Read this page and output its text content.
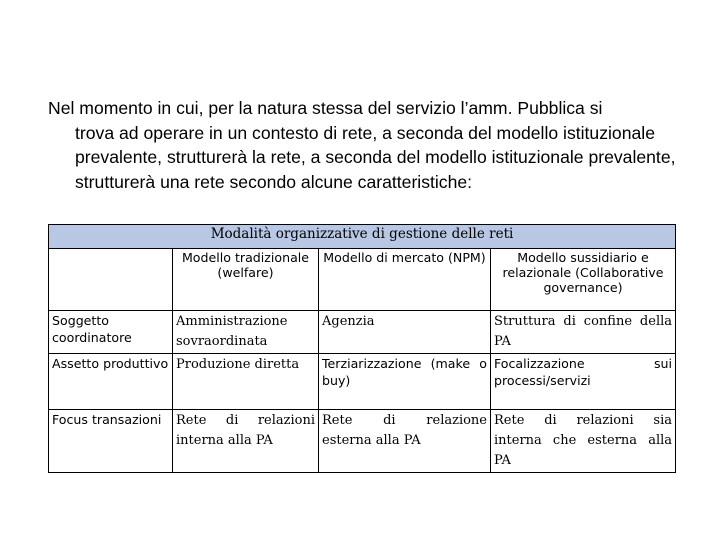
Nel momento in cui, per la natura stessa del servizio l’amm. Pubblica si
trova ad operare in un contesto di rete, a seconda del modello istituzionale prevalente, strutturerà la rete, a seconda del modello istituzionale prevalente, strutturerà una rete secondo alcune caratteristiche:
Modalità organizzative di gestione delle reti			
	Modello tradizionale (welfare)	Modello di mercato (NPM)	Modello sussidiario e relazionale (Collaborative governance)
Soggetto coordinatore	Amministrazione sovraordinata	Agenzia	Struttura di confine della PA
Assetto produttivo	Produzione diretta	Terziarizzazione (make o buy)	Focalizzazione sui processi/servizi
Focus transazioni	Rete di relazioni interna alla PA	Rete di relazione esterna alla PA	Rete di relazioni sia interna che esterna alla PA
